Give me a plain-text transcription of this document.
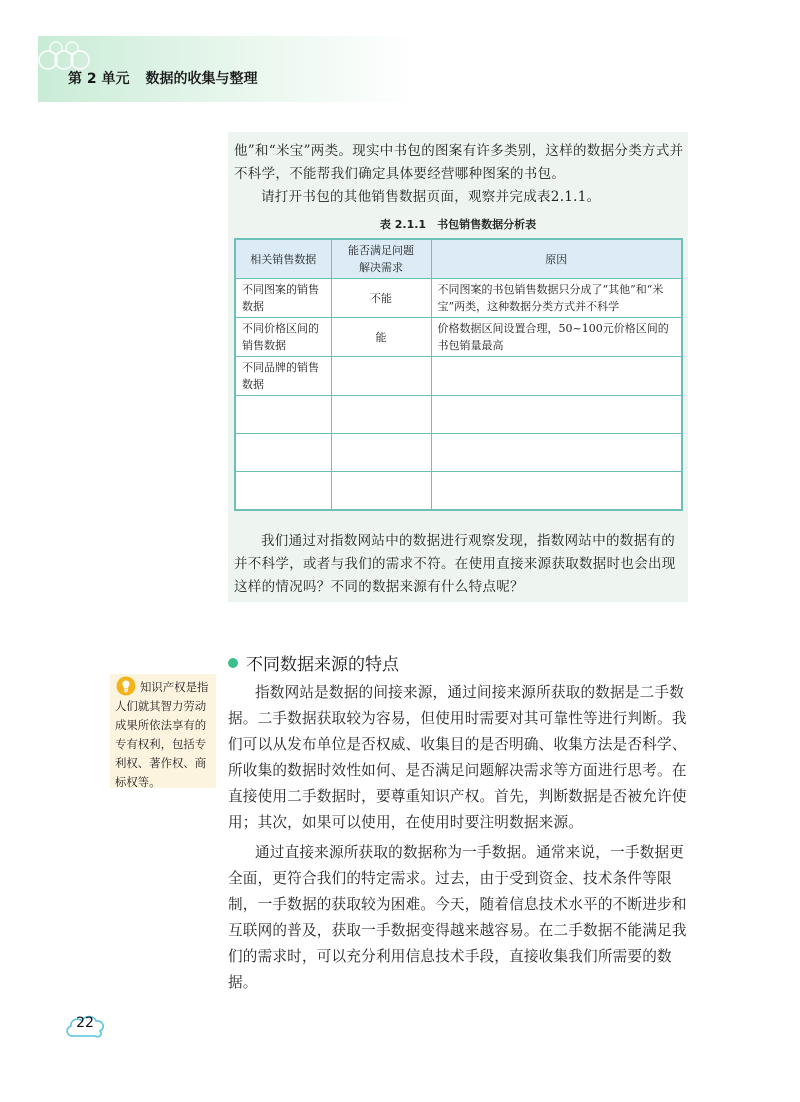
第 2 单元 数据的收集与整理

他”和“米宝”两类。现实中书包的图案有许多类别，这样的数据分类方式并不科学，不能帮我们确定具体要经营哪种图案的书包。

请打开书包的其他销售数据页面，观察并完成表2.1.1。

表 2.1.1　书包销售数据分析表
相关销售数据	能否满足问题解决需求	原因
不同图案的销售数据	不能	不同图案的书包销售数据只分成了“其他”和“米宝”两类，这种数据分类方式并不科学
不同价格区间的销售数据	能	价格数据区间设置合理，50~100元价格区间的书包销量最高
不同品牌的销售数据		

我们通过对指数网站中的数据进行观察发现，指数网站中的数据有的并不科学，或者与我们的需求不符。在使用直接来源获取数据时也会出现这样的情况吗？不同的数据来源有什么特点呢？

不同数据来源的特点
知识产权是指人们就其智力劳动成果所依法享有的专有权利，包括专利权、著作权、商标权等。

指数网站是数据的间接来源，通过间接来源所获取的数据是二手数据。二手数据获取较为容易，但使用时需要对其可靠性等进行判断。我们可以从发布单位是否权威、收集目的是否明确、收集方法是否科学、所收集的数据时效性如何、是否满足问题解决需求等方面进行思考。在直接使用二手数据时，要尊重知识产权。首先，判断数据是否被允许使用；其次，如果可以使用，在使用时要注明数据来源。

通过直接来源所获取的数据称为一手数据。通常来说，一手数据更全面，更符合我们的特定需求。过去，由于受到资金、技术条件等限制，一手数据的获取较为困难。今天，随着信息技术水平的不断进步和互联网的普及，获取一手数据变得越来越容易。在二手数据不能满足我们的需求时，可以充分利用信息技术手段，直接收集我们所需要的数据。

22
